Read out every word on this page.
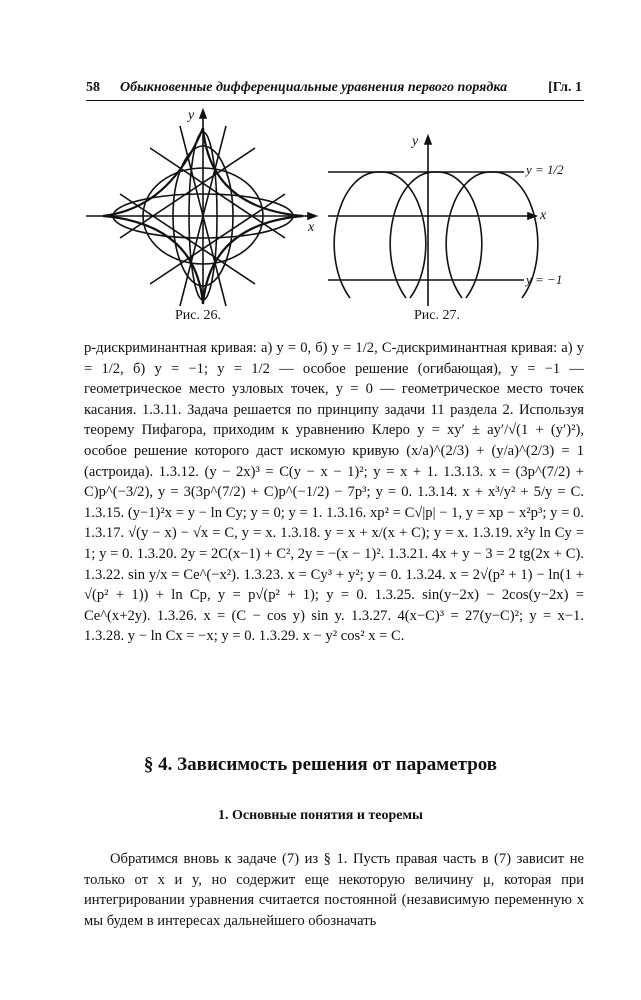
58 Обыкновенные дифференциальные уравнения первого порядка	[Гл. 1
x
y
Рис. 26.
x
y
y = 1/2
y = −1
Рис. 27.

p-дискриминантная кривая: а) y = 0, б) y = 1/2, C-дискриминантная кривая: а) y = 1/2, б) y = −1; y = 1/2 — особое решение (огибающая), y = −1 — геометрическое место узловых точек, y = 0 — геометрическое место точек касания. 1.3.11. Задача решается по принципу задачи 11 раздела 2. Используя теорему Пифагора, приходим к уравнению Клеро y = xy′ ± ay′/√(1 + (y′)²), особое решение которого даст искомую кривую (x/a)^(2/3) + (y/a)^(2/3) = 1 (астроида). 1.3.12. (y − 2x)³ = C(y − x − 1)²; y = x + 1. 1.3.13. x = (3p^(7/2) + C)p^(−3/2), y = 3(3p^(7/2) + C)p^(−1/2) − 7p³; y = 0. 1.3.14. x + x³/y² + 5/y = C. 1.3.15. (y−1)²x = y − ln Cy; y = 0; y = 1. 1.3.16. xp² = C√|p| − 1, y = xp − x²p³; y = 0. 1.3.17. √(y − x) − √x = C, y = x. 1.3.18. y = x + x/(x + C); y = x. 1.3.19. x²y ln Cy = 1; y = 0. 1.3.20. 2y = 2C(x−1) + C², 2y = −(x − 1)². 1.3.21. 4x + y − 3 = 2 tg(2x + C). 1.3.22. sin y/x = Ce^(−x²). 1.3.23. x = Cy³ + y²; y = 0. 1.3.24. x = 2√(p² + 1) − ln(1 + √(p² + 1)) + ln Cp, y = p√(p² + 1); y = 0. 1.3.25. sin(y−2x) − 2cos(y−2x) = Ce^(x+2y). 1.3.26. x = (C − cos y) sin y. 1.3.27. 4(x−C)³ = 27(y−C)²; y = x−1. 1.3.28. y − ln Cx = −x; y = 0. 1.3.29. x − y² cos² x = C.

§ 4. Зависимость решения от параметров
1. Основные понятия и теоремы
Обратимся вновь к задаче (7) из § 1. Пусть правая часть в (7) зависит не только от x и y, но содержит еще некоторую величину μ, которая при интегрировании уравнения считается постоянной (независимую переменную x мы будем в интересах дальнейшего обозначать
